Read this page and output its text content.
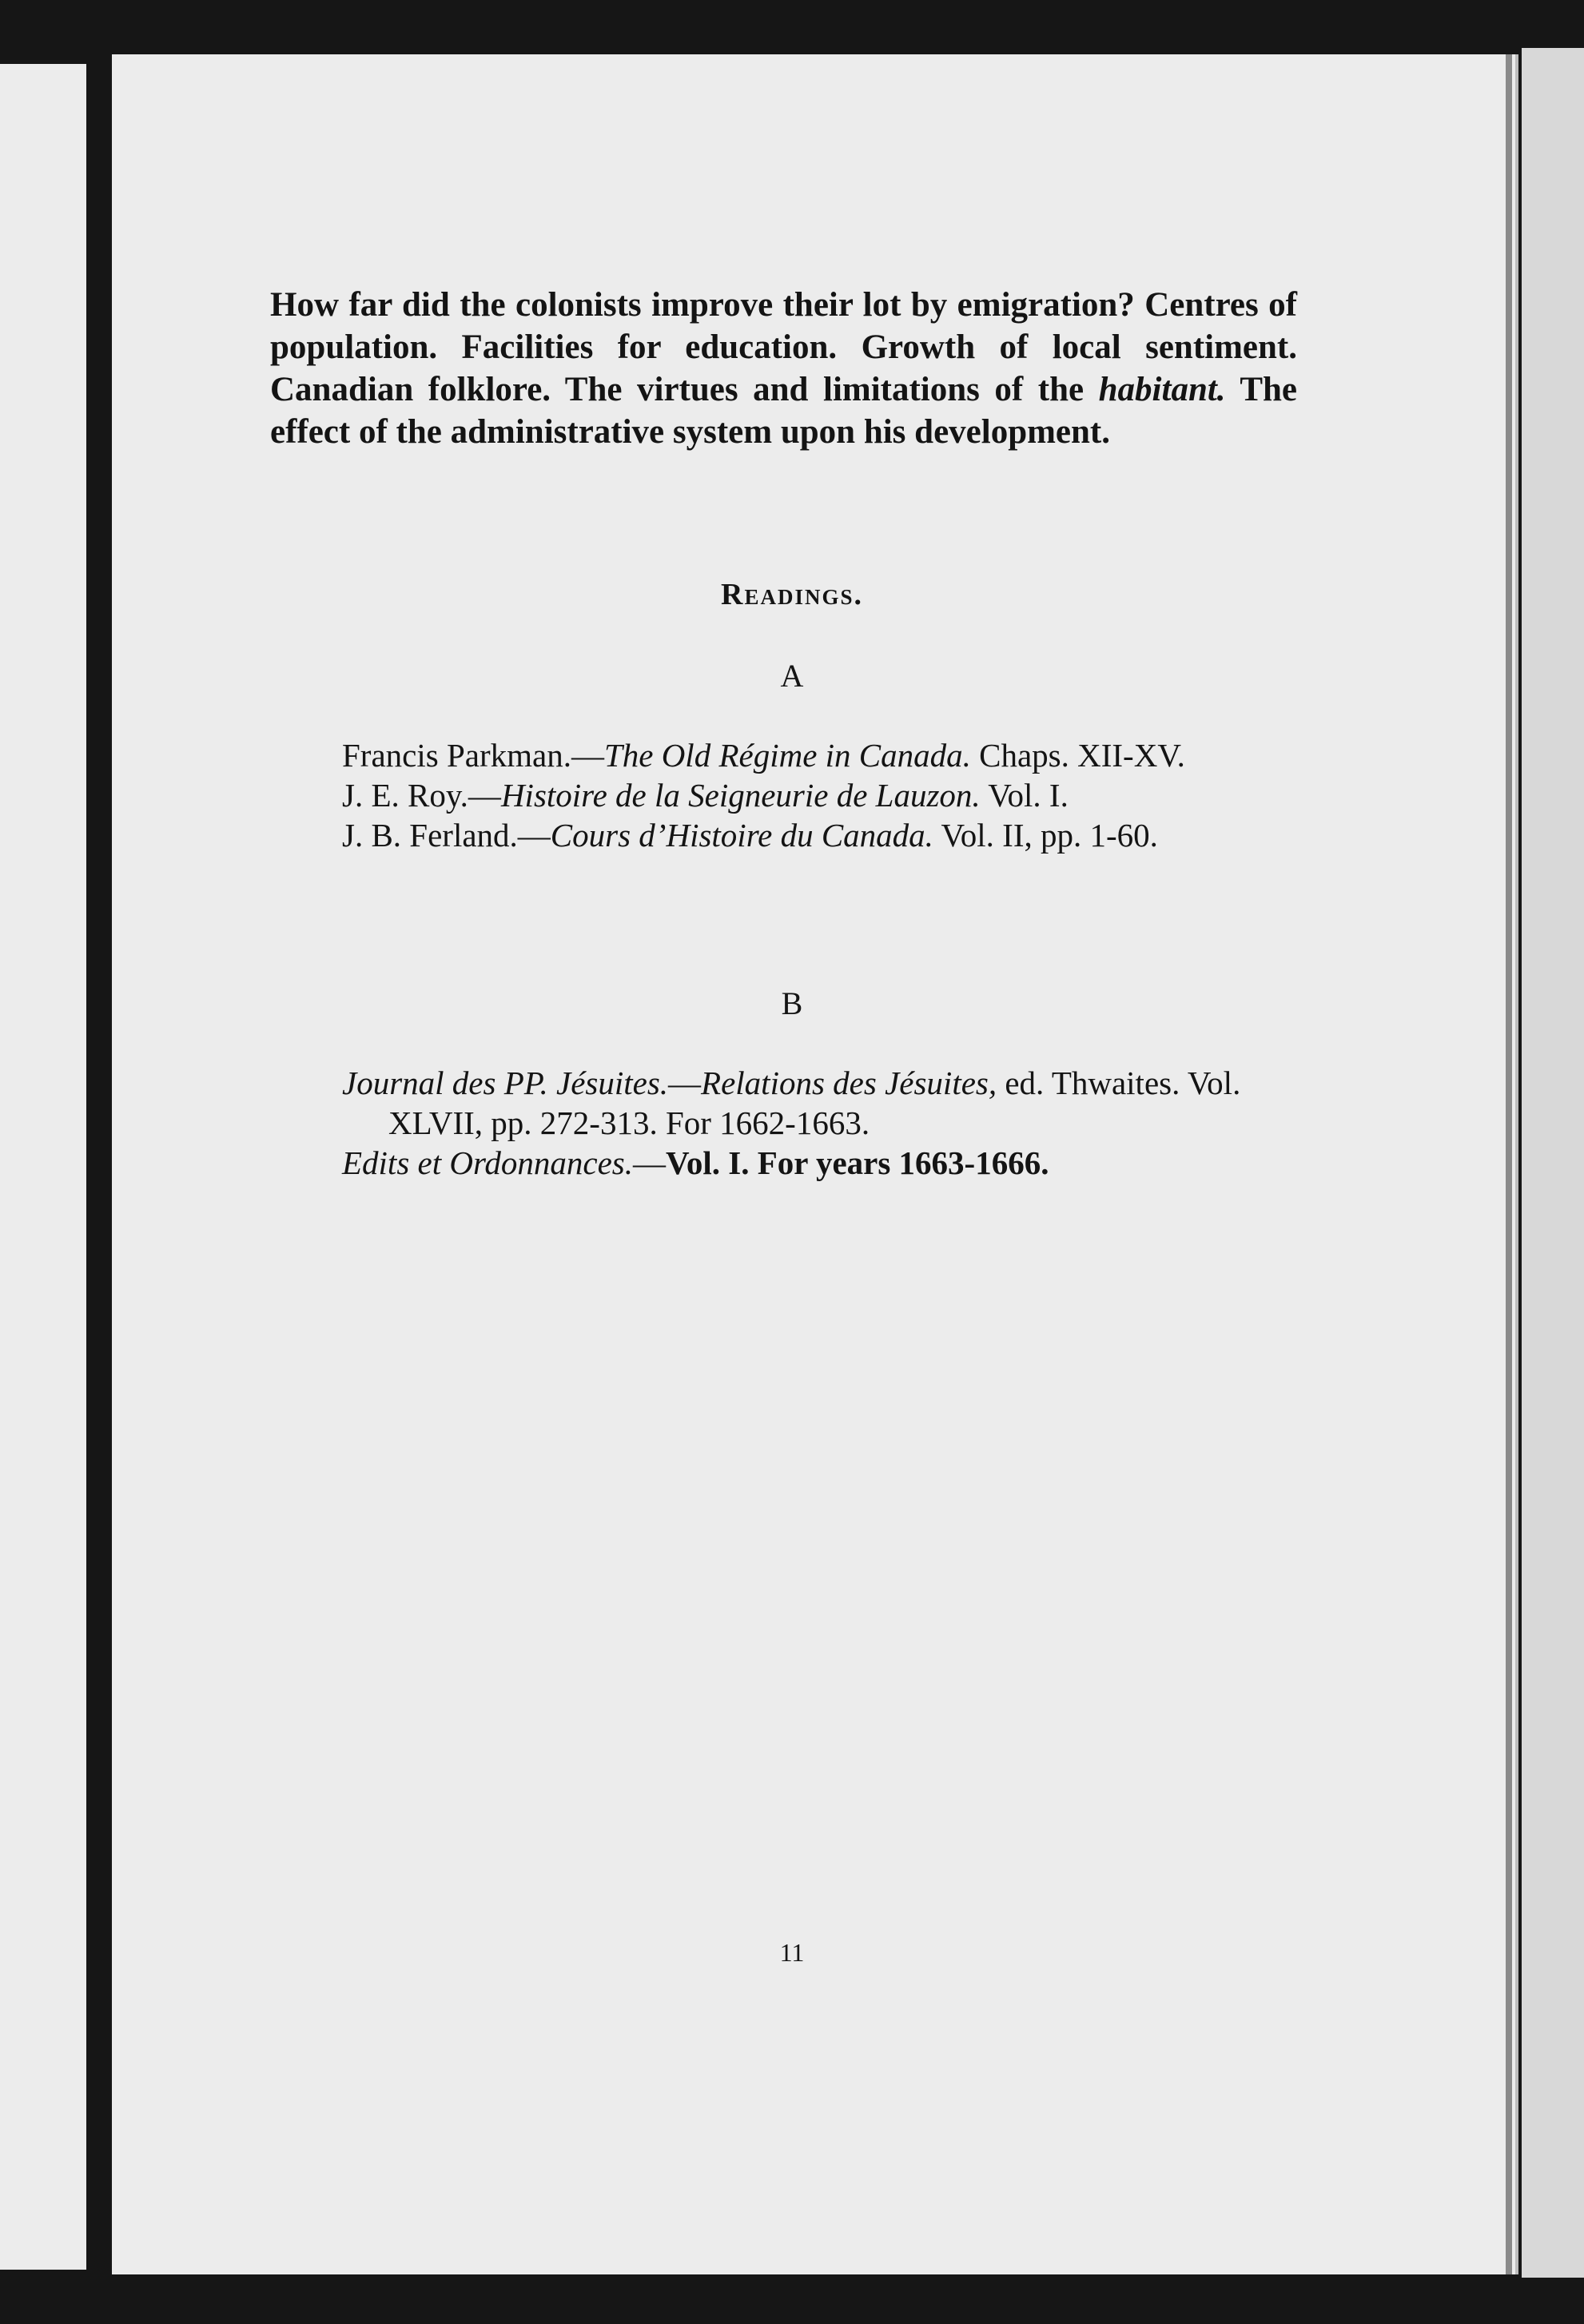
How far did the colonists improve their lot by emigration? Centres of population. Facilities for education. Growth of local sentiment. Canadian folklore. The virtues and limitations of the habitant. The effect of the administrative system upon his development.

Readings.
A
Francis Parkman.—The Old Régime in Canada. Chaps. XII-XV.
J. E. Roy.—Histoire de la Seigneurie de Lauzon. Vol. I.
J. B. Ferland.—Cours d’Histoire du Canada. Vol. II, pp. 1-60.
B
Journal des PP. Jésuites.—Relations des Jésuites, ed. Thwaites. Vol. XLVII, pp. 272-313. For 1662-1663.
Edits et Ordonnances.—Vol. I. For years 1663-1666.

11
